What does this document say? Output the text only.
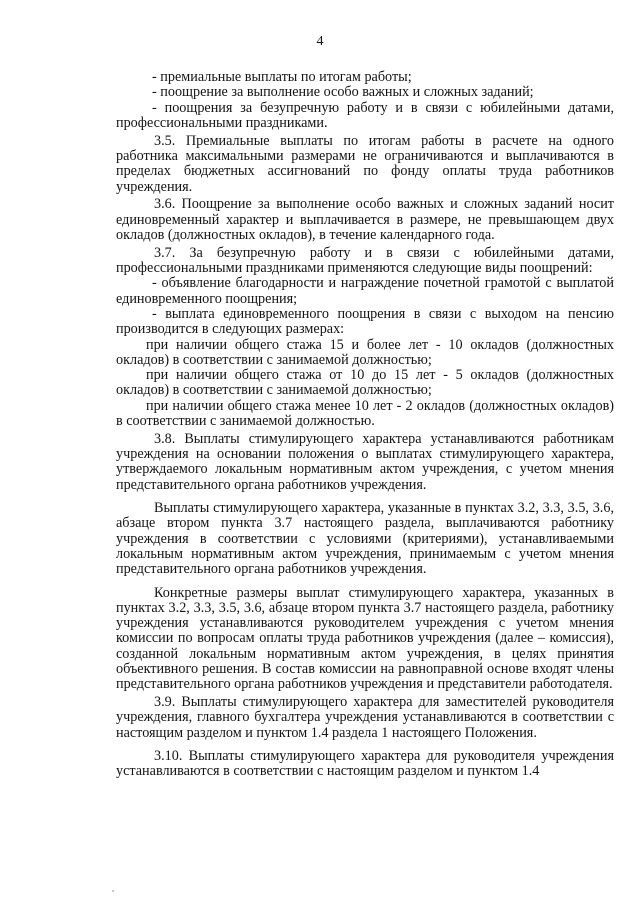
4

- премиальные выплаты по итогам работы;

- поощрение за выполнение особо важных и сложных заданий;

- поощрения за безупречную работу и в связи с юбилейными датами, профессиональными праздниками.

3.5. Премиальные выплаты по итогам работы в расчете на одного работника максимальными размерами не ограничиваются и выплачиваются в пределах бюджетных ассигнований по фонду оплаты труда работников учреждения.

3.6. Поощрение за выполнение особо важных и сложных заданий носит единовременный характер и выплачивается в размере, не превышающем двух окладов (должностных окладов), в течение календарного года.

3.7. За безупречную работу и в связи с юбилейными датами, профессиональными праздниками применяются следующие виды поощрений:

- объявление благодарности и награждение почетной грамотой с выплатой единовременного поощрения;

- выплата единовременного поощрения в связи с выходом на пенсию производится в следующих размерах:

при наличии общего стажа 15 и более лет - 10 окладов (должностных окладов) в соответствии с занимаемой должностью;

при наличии общего стажа от 10 до 15 лет - 5 окладов (должностных окладов) в соответствии с занимаемой должностью;

при наличии общего стажа менее 10 лет - 2 окладов (должностных окладов) в соответствии с занимаемой должностью.

3.8. Выплаты стимулирующего характера устанавливаются работникам учреждения на основании положения о выплатах стимулирующего характера, утверждаемого локальным нормативным актом учреждения, с учетом мнения представительного органа работников учреждения.

Выплаты стимулирующего характера, указанные в пунктах 3.2, 3.3, 3.5, 3.6, абзаце втором пункта 3.7 настоящего раздела, выплачиваются работнику учреждения в соответствии с условиями (критериями), устанавливаемыми локальным нормативным актом учреждения, принимаемым с учетом мнения представительного органа работников учреждения.

Конкретные размеры выплат стимулирующего характера, указанных в пунктах 3.2, 3.3, 3.5, 3.6, абзаце втором пункта 3.7 настоящего раздела, работнику учреждения устанавливаются руководителем учреждения с учетом мнения комиссии по вопросам оплаты труда работников учреждения (далее – комиссия), созданной локальным нормативным актом учреждения, в целях принятия объективного решения. В состав комиссии на равноправной основе входят члены представительного органа работников учреждения и представители работодателя.

3.9. Выплаты стимулирующего характера для заместителей руководителя учреждения, главного бухгалтера учреждения устанавливаются в соответствии с настоящим разделом и пунктом 1.4 раздела 1 настоящего Положения.

3.10. Выплаты стимулирующего характера для руководителя учреждения устанавливаются в соответствии с настоящим разделом и пунктом 1.4
